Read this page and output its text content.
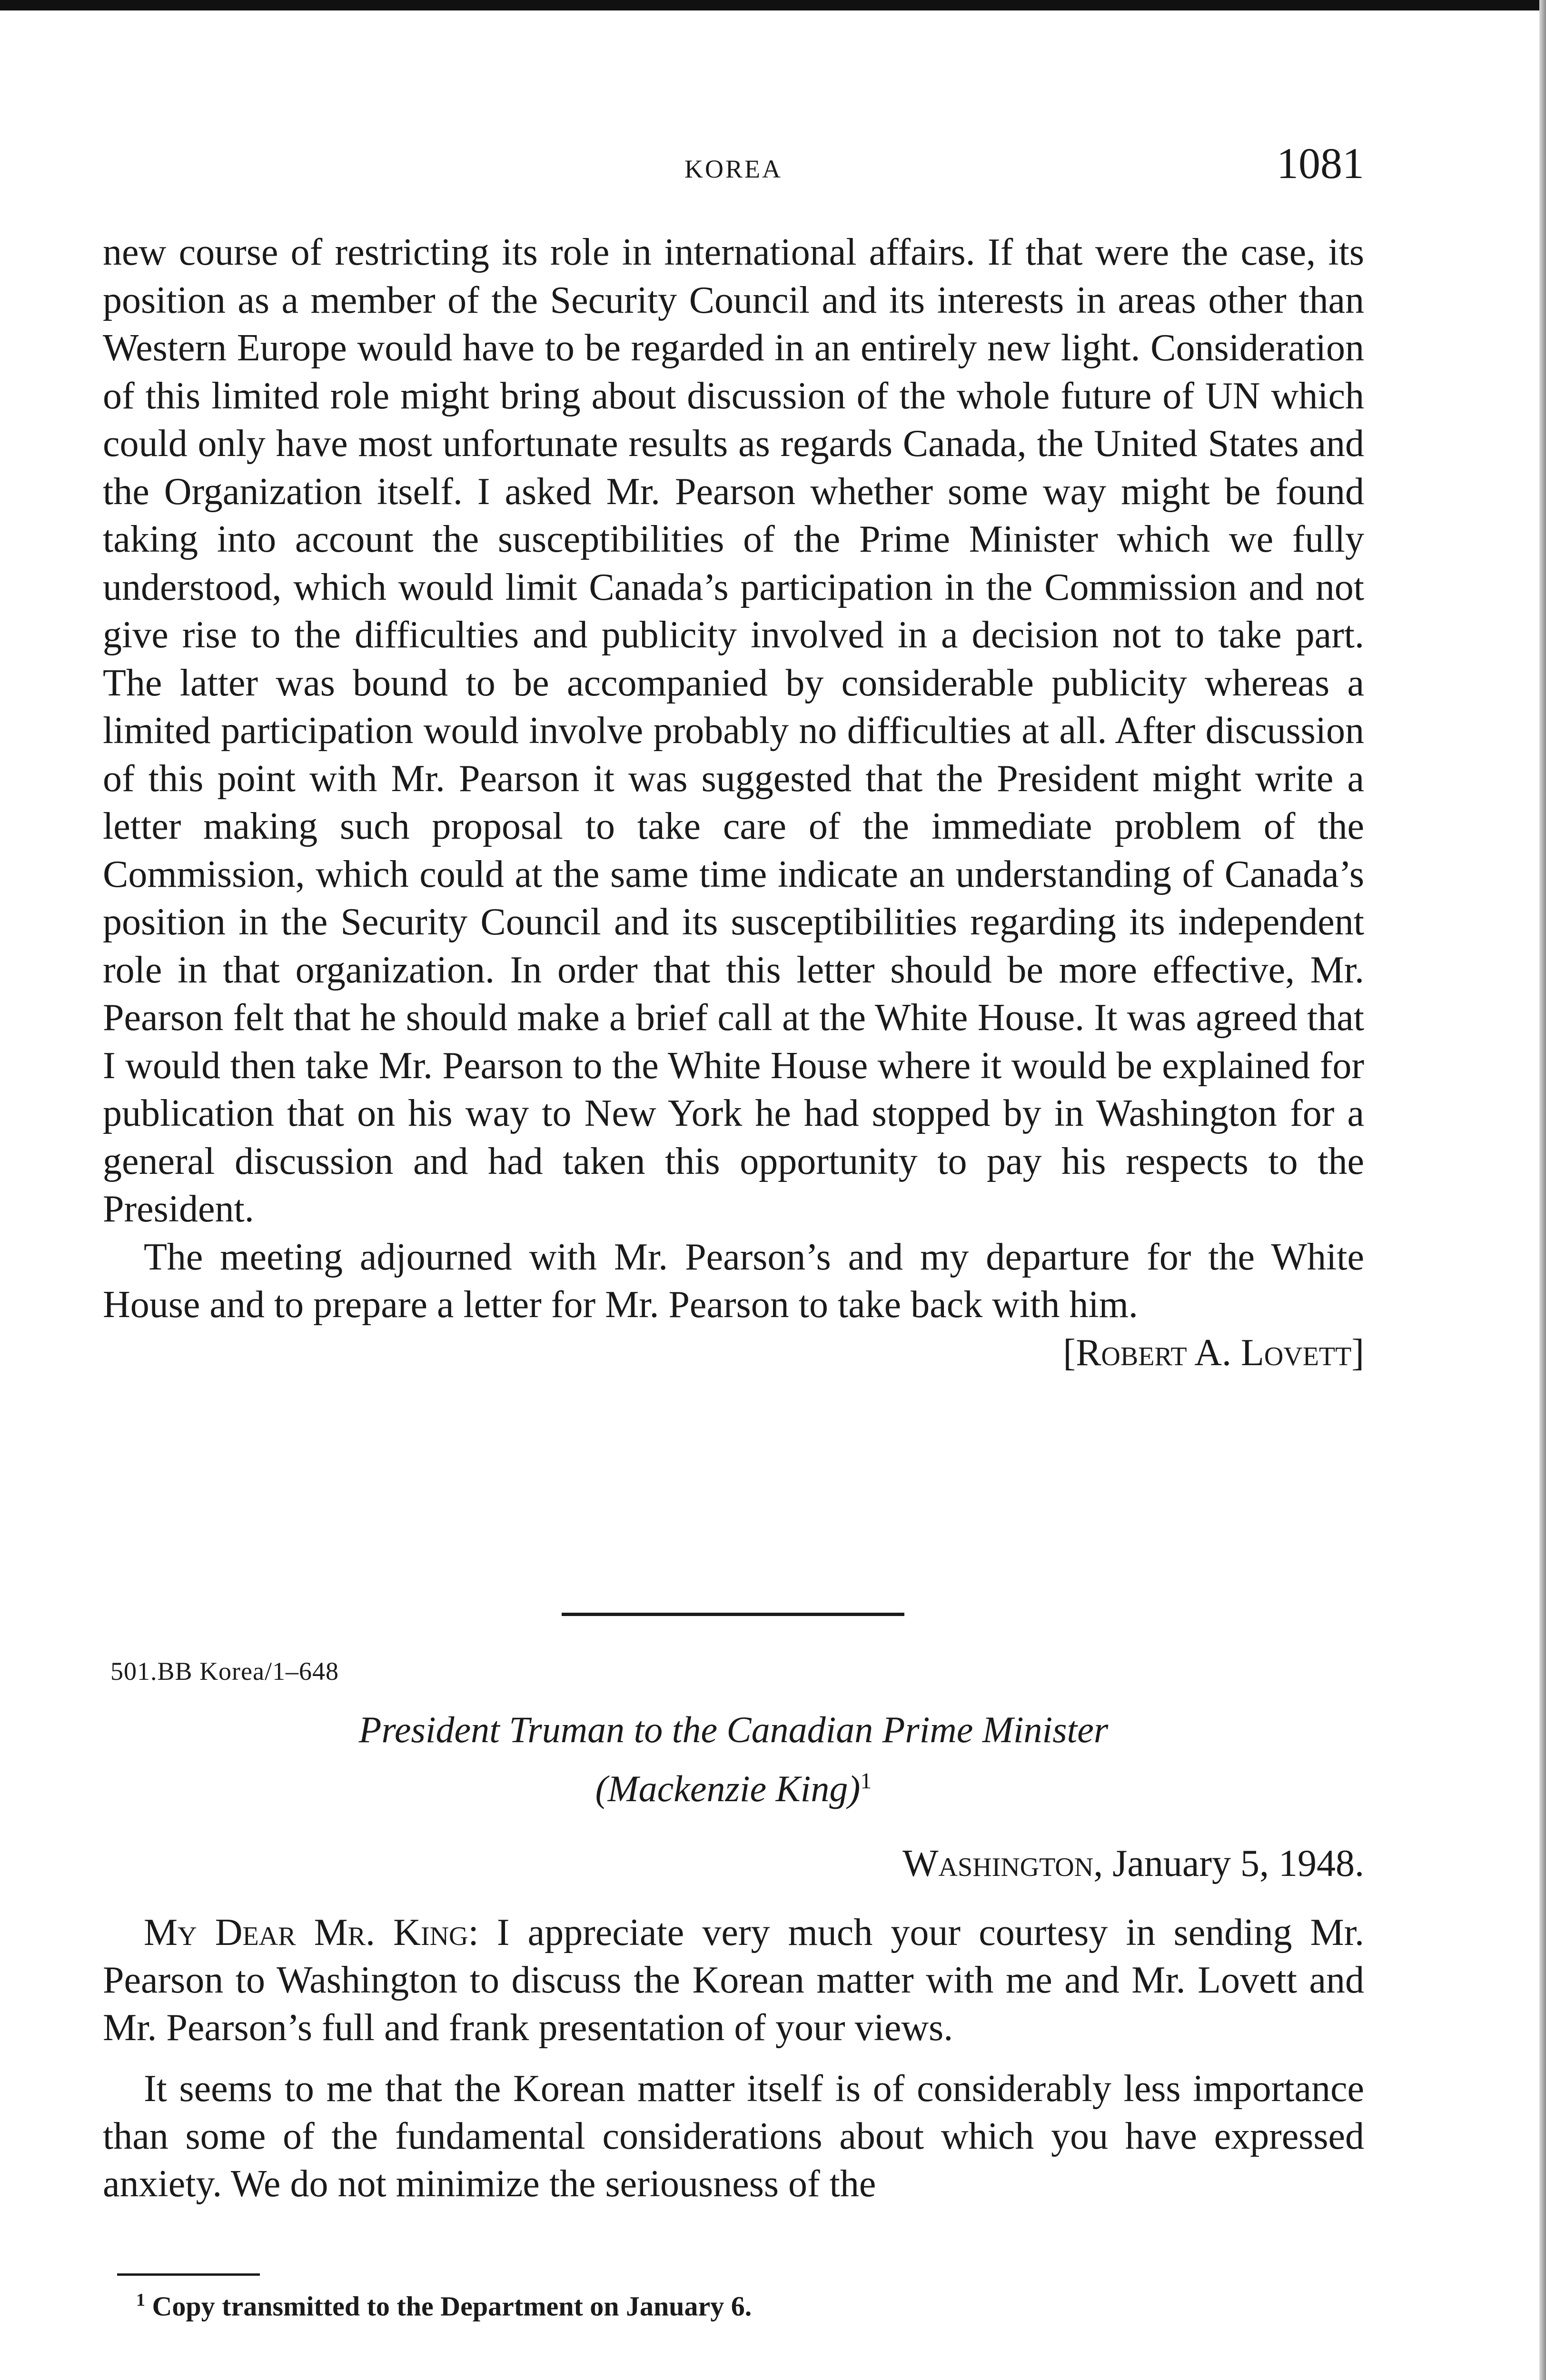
KOREA	1081

new course of restricting its role in international affairs. If that were the case, its position as a member of the Security Council and its interests in areas other than Western Europe would have to be regarded in an entirely new light. Consideration of this limited role might bring about discussion of the whole future of UN which could only have most unfortunate results as regards Canada, the United States and the Organization itself. I asked Mr. Pearson whether some way might be found taking into account the susceptibilities of the Prime Minister which we fully understood, which would limit Canada’s participation in the Commission and not give rise to the difficulties and publicity involved in a decision not to take part. The latter was bound to be accompanied by considerable publicity whereas a limited participation would involve probably no difficulties at all. After discussion of this point with Mr. Pearson it was suggested that the President might write a letter making such proposal to take care of the immediate problem of the Commission, which could at the same time indicate an understanding of Canada’s position in the Security Council and its susceptibilities regarding its independent role in that organization. In order that this letter should be more effective, Mr. Pearson felt that he should make a brief call at the White House. It was agreed that I would then take Mr. Pearson to the White House where it would be explained for publication that on his way to New York he had stopped by in Washington for a general discussion and had taken this opportunity to pay his respects to the President.

The meeting adjourned with Mr. Pearson’s and my departure for the White House and to prepare a letter for Mr. Pearson to take back with him.

[Robert A. Lovett]

501.BB Korea/1–648
President Truman to the Canadian Prime Minister
(Mackenzie King)$^1$
Washington, January 5, 1948.

My Dear Mr. King: I appreciate very much your courtesy in sending Mr. Pearson to Washington to discuss the Korean matter with me and Mr. Lovett and Mr. Pearson’s full and frank presentation of your views.

It seems to me that the Korean matter itself is of considerably less importance than some of the fundamental considerations about which you have expressed anxiety. We do not minimize the seriousness of the

$^1$ Copy transmitted to the Department on January 6.
